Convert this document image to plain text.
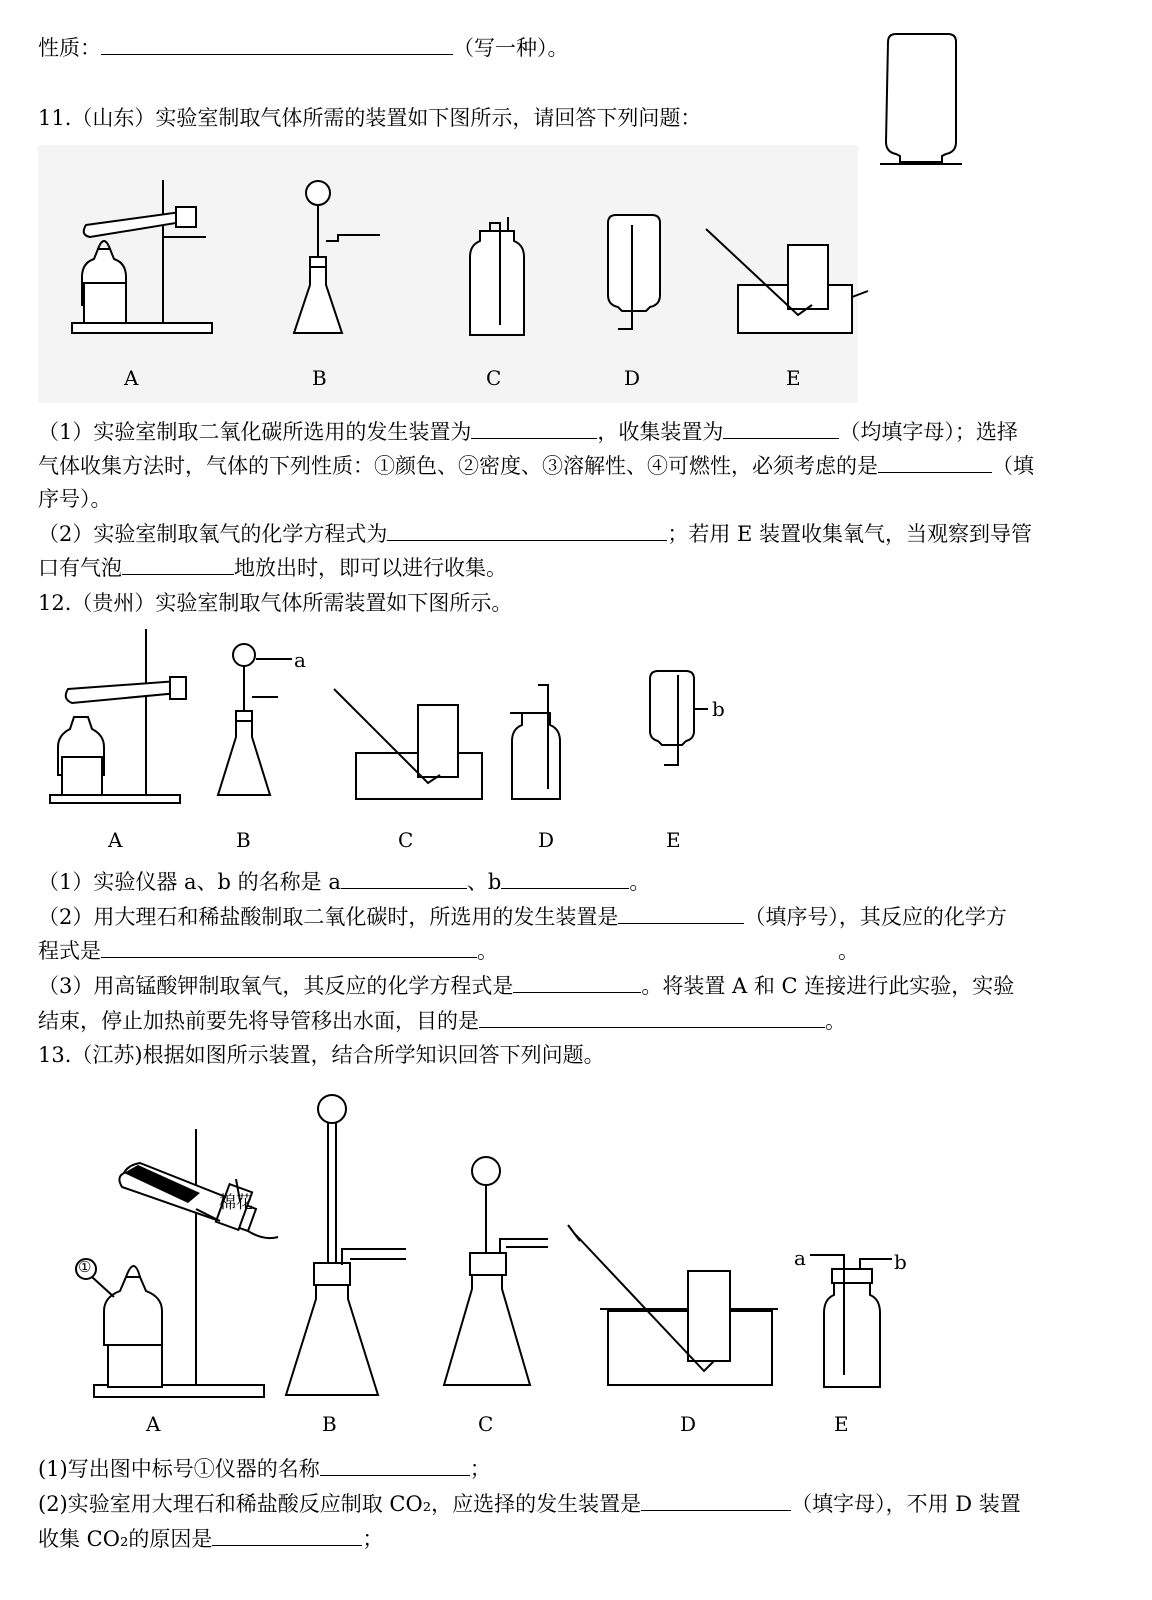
性质：	（写一种）。
11.（山东）实验室制取气体所需的装置如下图所示，请回答下列问题：
A	B	C	D	E
（1）实验室制取二氧化碳所选用的发生装置为	，收集装置为	（均填字母）；选择
气体收集方法时，气体的下列性质：①颜色、②密度、③溶解性、④可燃性，必须考虑的是	（填
序号）。
（2）实验室制取氧气的化学方程式为	；若用 E 装置收集氧气，当观察到导管
口有气泡	地放出时，即可以进行收集。
12.（贵州）实验室制取气体所需装置如下图所示。
a
b
A	B	C	D	E
（1）实验仪器 a、b 的名称是 a	、b	。
（2）用大理石和稀盐酸制取二氧化碳时，所选用的发生装置是	（填序号），其反应的化学方
程式是	。	。
（3）用高锰酸钾制取氧气，其反应的化学方程式是	。将装置 A 和 C 连接进行此实验，实验
结束，停止加热前要先将导管移出水面，目的是	。
13.（江苏)根据如图所示装置，结合所学知识回答下列问题。
棉花
①	a	b
A	B	C	D	E
(1)写出图中标号①仪器的名称	；
(2)实验室用大理石和稀盐酸反应制取 CO₂，应选择的发生装置是	（填字母），不用 D 装置
收集 CO₂的原因是	；
